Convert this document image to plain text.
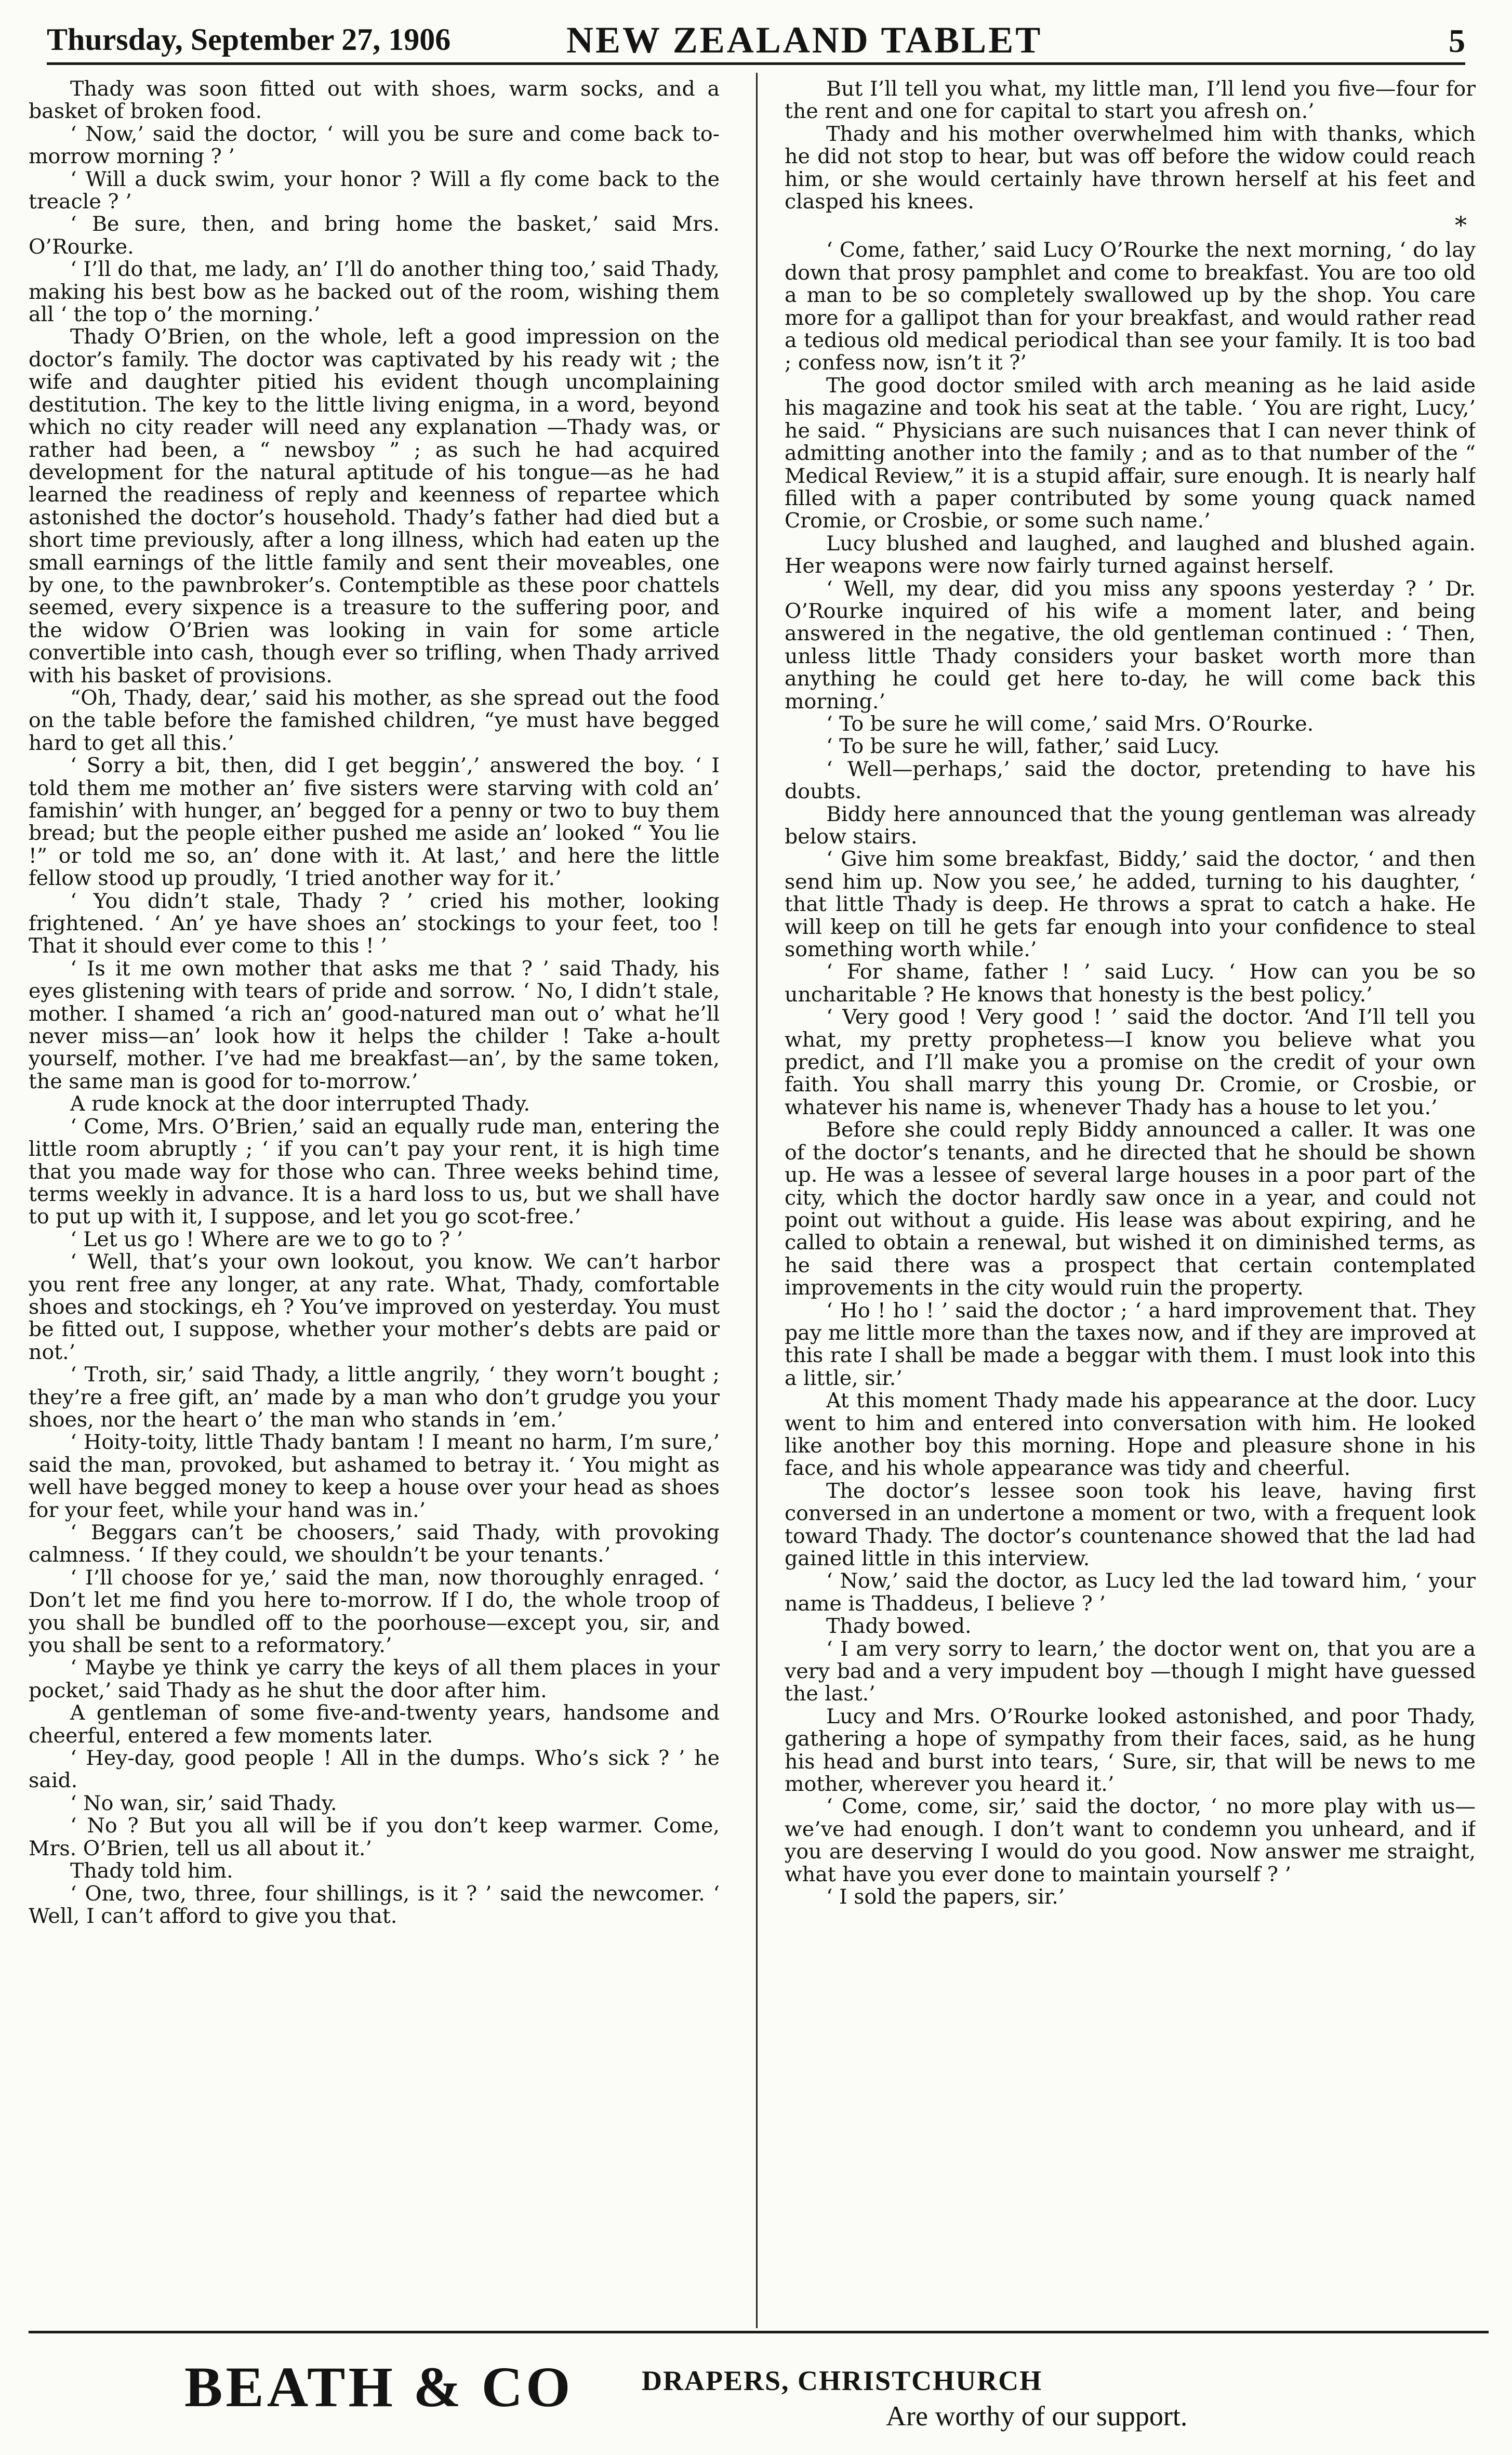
Thursday, September 27, 1906	NEW ZEALAND TABLET	5

Thady was soon fitted out with shoes, warm socks, and a basket of broken food.

‘ Now,’ said the doctor, ‘ will you be sure and come back to-morrow morning ? ’

‘ Will a duck swim, your honor ? Will a fly come back to the treacle ? ’

‘ Be sure, then, and bring home the basket,’ said Mrs. O’Rourke.

‘ I’ll do that, me lady, an’ I’ll do another thing too,’ said Thady, making his best bow as he backed out of the room, wishing them all ‘ the top o’ the morning.’

Thady O’Brien, on the whole, left a good impression on the doctor’s family. The doctor was captivated by his ready wit ; the wife and daughter pitied his evident though uncomplaining destitution. The key to the little living enigma, in a word, beyond which no city reader will need any explanation —Thady was, or rather had been, a “ newsboy ” ; as such he had acquired development for the natural aptitude of his tongue—as he had learned the readiness of reply and keenness of repartee which astonished the doctor’s household. Thady’s father had died but a short time previously, after a long illness, which had eaten up the small earnings of the little family and sent their moveables, one by one, to the pawnbroker’s. Contemptible as these poor chattels seemed, every sixpence is a treasure to the suffering poor, and the widow O’Brien was looking in vain for some article convertible into cash, though ever so trifling, when Thady arrived with his basket of provisions.

“Oh, Thady, dear,’ said his mother, as she spread out the food on the table before the famished children, “ye must have begged hard to get all this.’

‘ Sorry a bit, then, did I get beggin’,’ answered the boy. ‘ I told them me mother an’ five sisters were starving with cold an’ famishin’ with hunger, an’ begged for a penny or two to buy them bread; but the people either pushed me aside an’ looked “ You lie !” or told me so, an’ done with it. At last,’ and here the little fellow stood up proudly, ‘I tried another way for it.’

‘ You didn’t stale, Thady ? ’ cried his mother, looking frightened. ‘ An’ ye have shoes an’ stockings to your feet, too ! That it should ever come to this ! ’

‘ Is it me own mother that asks me that ? ’ said Thady, his eyes glistening with tears of pride and sorrow. ‘ No, I didn’t stale, mother. I shamed ‘a rich an’ good-natured man out o’ what he’ll never miss—an’ look how it helps the childer ! Take a-hoult yourself, mother. I’ve had me breakfast—an’, by the same token, the same man is good for to-morrow.’

A rude knock at the door interrupted Thady.

‘ Come, Mrs. O’Brien,’ said an equally rude man, entering the little room abruptly ; ‘ if you can’t pay your rent, it is high time that you made way for those who can. Three weeks behind time, terms weekly in advance. It is a hard loss to us, but we shall have to put up with it, I suppose, and let you go scot-free.’

‘ Let us go ! Where are we to go to ? ’

‘ Well, that’s your own lookout, you know. We can’t harbor you rent free any longer, at any rate. What, Thady, comfortable shoes and stockings, eh ? You’ve improved on yesterday. You must be fitted out, I suppose, whether your mother’s debts are paid or not.’

‘ Troth, sir,’ said Thady, a little angrily, ‘ they worn’t bought ; they’re a free gift, an’ made by a man who don’t grudge you your shoes, nor the heart o’ the man who stands in ’em.’

‘ Hoity-toity, little Thady bantam ! I meant no harm, I’m sure,’ said the man, provoked, but ashamed to betray it. ‘ You might as well have begged money to keep a house over your head as shoes for your feet, while your hand was in.’

‘ Beggars can’t be choosers,’ said Thady, with provoking calmness. ‘ If they could, we shouldn’t be your tenants.’

‘ I’ll choose for ye,’ said the man, now thoroughly enraged. ‘ Don’t let me find you here to-morrow. If I do, the whole troop of you shall be bundled off to the poorhouse—except you, sir, and you shall be sent to a reformatory.’

‘ Maybe ye think ye carry the keys of all them places in your pocket,’ said Thady as he shut the door after him.

A gentleman of some five-and-twenty years, handsome and cheerful, entered a few moments later.

‘ Hey-day, good people ! All in the dumps. Who’s sick ? ’ he said.

‘ No wan, sir,’ said Thady.

‘ No ? But you all will be if you don’t keep warmer. Come, Mrs. O’Brien, tell us all about it.’

Thady told him.

‘ One, two, three, four shillings, is it ? ’ said the newcomer. ‘ Well, I can’t afford to give you that.

But I’ll tell you what, my little man, I’ll lend you five—four for the rent and one for capital to start you afresh on.’

Thady and his mother overwhelmed him with thanks, which he did not stop to hear, but was off before the widow could reach him, or she would certainly have thrown herself at his feet and clasped his knees.

*

‘ Come, father,’ said Lucy O’Rourke the next morning, ‘ do lay down that prosy pamphlet and come to breakfast. You are too old a man to be so completely swallowed up by the shop. You care more for a gallipot than for your breakfast, and would rather read a tedious old medical periodical than see your family. It is too bad ; confess now, isn’t it ?’

The good doctor smiled with arch meaning as he laid aside his magazine and took his seat at the table. ‘ You are right, Lucy,’ he said. “ Physicians are such nuisances that I can never think of admitting another into the family ; and as to that number of the “ Medical Review,” it is a stupid affair, sure enough. It is nearly half filled with a paper contributed by some young quack named Cromie, or Crosbie, or some such name.’

Lucy blushed and laughed, and laughed and blushed again. Her weapons were now fairly turned against herself.

‘ Well, my dear, did you miss any spoons yesterday ? ’ Dr. O’Rourke inquired of his wife a moment later, and being answered in the negative, the old gentleman continued : ‘ Then, unless little Thady considers your basket worth more than anything he could get here to-day, he will come back this morning.’

‘ To be sure he will come,’ said Mrs. O’Rourke.

‘ To be sure he will, father,’ said Lucy.

‘ Well—perhaps,’ said the doctor, pretending to have his doubts.

Biddy here announced that the young gentleman was already below stairs.

‘ Give him some breakfast, Biddy,’ said the doctor, ‘ and then send him up. Now you see,’ he added, turning to his daughter, ‘ that little Thady is deep. He throws a sprat to catch a hake. He will keep on till he gets far enough into your confidence to steal something worth while.’

‘ For shame, father ! ’ said Lucy. ‘ How can you be so uncharitable ? He knows that honesty is the best policy.’

‘ Very good ! Very good ! ’ said the doctor. ‘And I’ll tell you what, my pretty prophetess—I know you believe what you predict, and I’ll make you a promise on the credit of your own faith. You shall marry this young Dr. Cromie, or Crosbie, or whatever his name is, whenever Thady has a house to let you.’

Before she could reply Biddy announced a caller. It was one of the doctor’s tenants, and he directed that he should be shown up. He was a lessee of several large houses in a poor part of the city, which the doctor hardly saw once in a year, and could not point out without a guide. His lease was about expiring, and he called to obtain a renewal, but wished it on diminished terms, as he said there was a prospect that certain contemplated improvements in the city would ruin the property.

‘ Ho ! ho ! ’ said the doctor ; ‘ a hard improvement that. They pay me little more than the taxes now, and if they are improved at this rate I shall be made a beggar with them. I must look into this a little, sir.’

At this moment Thady made his appearance at the door. Lucy went to him and entered into conversation with him. He looked like another boy this morning. Hope and pleasure shone in his face, and his whole appearance was tidy and cheerful.

The doctor’s lessee soon took his leave, having first conversed in an undertone a moment or two, with a frequent look toward Thady. The doctor’s countenance showed that the lad had gained little in this interview.

‘ Now,’ said the doctor, as Lucy led the lad toward him, ‘ your name is Thaddeus, I believe ? ’

Thady bowed.

‘ I am very sorry to learn,’ the doctor went on, that you are a very bad and a very impudent boy —though I might have guessed the last.’

Lucy and Mrs. O’Rourke looked astonished, and poor Thady, gathering a hope of sympathy from their faces, said, as he hung his head and burst into tears, ‘ Sure, sir, that will be news to me mother, wherever you heard it.’

‘ Come, come, sir,’ said the doctor, ‘ no more play with us—we’ve had enough. I don’t want to condemn you unheard, and if you are deserving I would do you good. Now answer me straight, what have you ever done to maintain yourself ? ’

‘ I sold the papers, sir.’

BEATH & CO DRAPERS, CHRISTCHURCH
Are worthy of our support.
